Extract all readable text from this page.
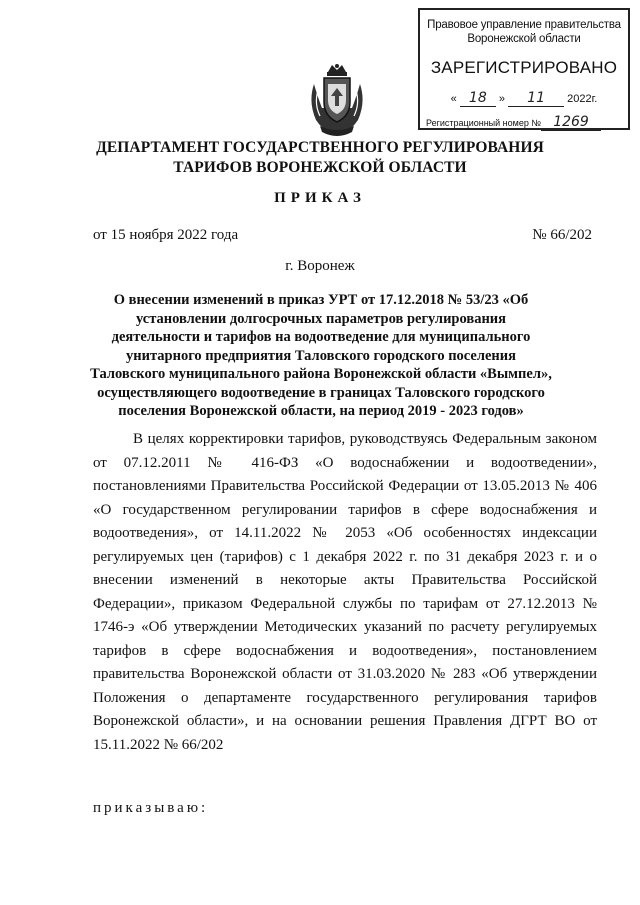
Правовое управление правительства
Воронежской области
ЗАРЕГИСТРИРОВАНО
« 18 » 11 2022г.
Регистрационный номер № 1269
ДЕПАРТАМЕНТ ГОСУДАРСТВЕННОГО РЕГУЛИРОВАНИЯ
ТАРИФОВ ВОРОНЕЖСКОЙ ОБЛАСТИ
ПРИКАЗ
от 15 ноября 2022 года	№ 66/202
г. Воронеж
О внесении изменений в приказ УРТ от 17.12.2018 № 53/23 «Об установлении долгосрочных параметров регулирования деятельности и тарифов на водоотведение для муниципального унитарного предприятия Таловского городского поселения Таловского муниципального района Воронежской области «Вымпел», осуществляющего водоотведение в границах Таловского городского поселения Воронежской области, на период 2019 - 2023 годов»

В целях корректировки тарифов, руководствуясь Федеральным законом от 07.12.2011 № 416-ФЗ «О водоснабжении и водоотведении», постановлениями Правительства Российской Федерации от 13.05.2013 № 406 «О государственном регулировании тарифов в сфере водоснабжения и водоотведения», от 14.11.2022 № 2053 «Об особенностях индексации регулируемых цен (тарифов) с 1 декабря 2022 г. по 31 декабря 2023 г. и о внесении изменений в некоторые акты Правительства Российской Федерации», приказом Федеральной службы по тарифам от 27.12.2013 № 1746-э «Об утверждении Методических указаний по расчету регулируемых тарифов в сфере водоснабжения и водоотведения», постановлением правительства Воронежской области от 31.03.2020 № 283 «Об утверждении Положения о департаменте государственного регулирования тарифов Воронежской области», и на основании решения Правления ДГРТ ВО от 15.11.2022 № 66/202

приказываю:
